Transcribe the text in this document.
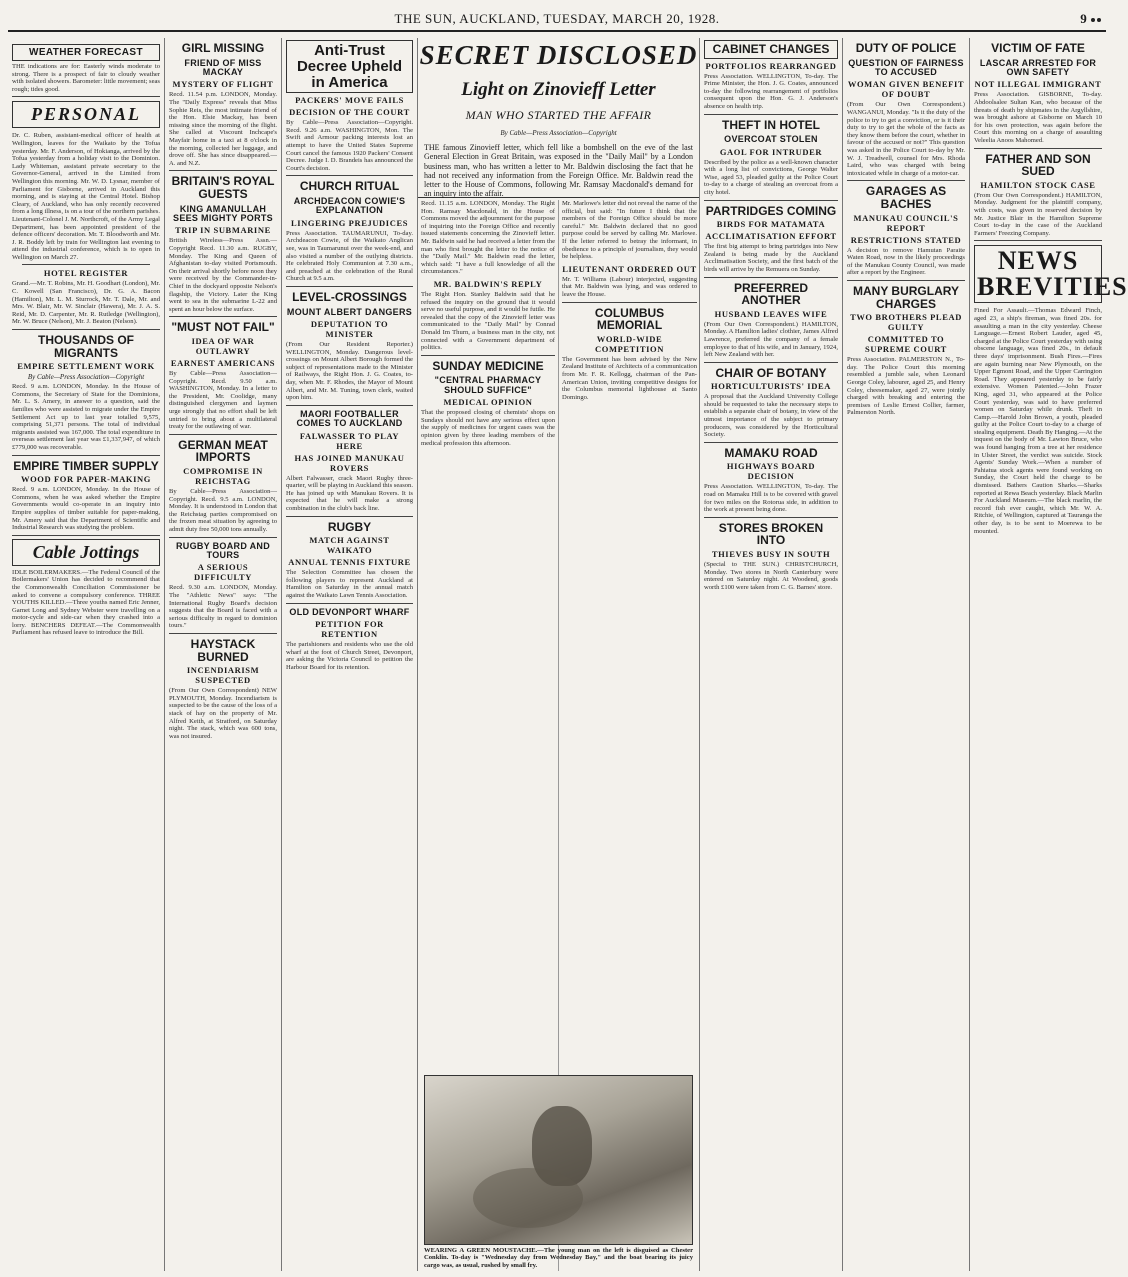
THE SUN, AUCKLAND, TUESDAY, MARCH 20, 1928.	9
WEATHER FORECAST
THE indications are for: Easterly winds moderate to strong. There is a prospect of fair to cloudy weather with isolated showers. Barometer: little movement; seas rough; tides good.
PERSONAL
Dr. C. Ruben, assistant-medical officer of health at Wellington, leaves for the Waikato by the Tofua yesterday. Mr. F. Anderson, of Hokianga, arrived by the Tofua yesterday from a holiday visit to the Dominion. Lady Whiteman, assistant private secretary to the Governor-General, arrived in the Limited from Wellington this morning. Mr. W. D. Lysnar, member of Parliament for Gisborne, arrived in Auckland this morning, and is staying at the Central Hotel. Bishop Cleary, of Auckland, who has only recently recovered from a long illness, is on a tour of the northern parishes. Lieutenant-Colonel J. M. Northcroft, of the Army Legal Department, has been appointed president of the defence officers' decoration. Mr. T. Bloodworth and Mr. J. R. Boddy left by train for Wellington last evening to attend the industrial conference, which is to open in Wellington on March 27.
HOTEL REGISTER
Grand.—Mr. T. Robins, Mr. H. Goodhart (London), Mr. C. Kowell (San Francisco), Dr. G. A. Bacon (Hamilton), Mr. L. M. Sturrock, Mr. T. Dale, Mr. and Mrs. W. Blair, Mr. W. Sinclair (Hawera), Mr. J. A. S. Reid, Mr. D. Carpenter, Mr. R. Rutledge (Wellington), Mr. W. Bruce (Nelson), Mr. J. Beaton (Nelson).
THOUSANDS OF MIGRANTS
EMPIRE SETTLEMENT WORK
By Cable—Press Association—Copyright
Recd. 9 a.m. LONDON, Monday. In the House of Commons, the Secretary of State for the Dominions, Mr. L. S. Amery, in answer to a question, said the families who were assisted to migrate under the Empire Settlement Act up to last year totalled 9,575, comprising 51,371 persons. The total of individual migrants assisted was 167,000. The total expenditure in overseas settlement last year was £1,337,947, of which £779,000 was recoverable.
EMPIRE TIMBER SUPPLY
WOOD FOR PAPER-MAKING
Recd. 9 a.m. LONDON, Monday. In the House of Commons, when he was asked whether the Empire Governments would co-operate in an inquiry into Empire supplies of timber suitable for paper-making, Mr. Amery said that the Department of Scientific and Industrial Research was studying the problem.
Cable Jottings
IDLE BOILERMAKERS.—The Federal Council of the Boilermakers' Union has decided to recommend that the Commonwealth Conciliation Commissioner be asked to convene a compulsory conference. THREE YOUTHS KILLED.—Three youths named Eric Jenner, Garnet Long and Sydney Webster were travelling on a motor-cycle and side-car when they crashed into a lorry. BENCHERS DEFEAT.—The Commonwealth Parliament has refused leave to introduce the Bill.
GIRL MISSING
FRIEND OF MISS MACKAY
MYSTERY OF FLIGHT
Recd. 11.54 p.m. LONDON, Monday. The "Daily Express" reveals that Miss Sophie Reis, the most intimate friend of the Hon. Elsie Mackay, has been missing since the morning of the flight. She called at Viscount Inchcape's Mayfair home in a taxi at 8 o'clock in the morning, collected her luggage, and drove off. She has since disappeared.—A. and N.Z.
BRITAIN'S ROYAL GUESTS
KING AMANULLAH SEES MIGHTY PORTS
TRIP IN SUBMARINE
British Wireless—Press Assn.—Copyright Recd. 11.30 a.m. RUGBY, Monday. The King and Queen of Afghanistan to-day visited Portsmouth. On their arrival shortly before noon they were received by the Commander-in-Chief in the dockyard opposite Nelson's flagship, the Victory. Later the King went to sea in the submarine L-22 and spent an hour below the surface.
"MUST NOT FAIL"
IDEA OF WAR OUTLAWRY
EARNEST AMERICANS
By Cable—Press Association—Copyright. Recd. 9.50 a.m. WASHINGTON, Monday. In a letter to the President, Mr. Coolidge, many distinguished clergymen and laymen urge strongly that no effort shall be left untried to bring about a multilateral treaty for the outlawing of war.
GERMAN MEAT IMPORTS
COMPROMISE IN REICHSTAG
By Cable—Press Association—Copyright. Recd. 9.5 a.m. LONDON, Monday. It is understood in London that the Reichstag parties compromised on the frozen meat situation by agreeing to admit duty free 50,000 tons annually.
RUGBY BOARD AND TOURS
A SERIOUS DIFFICULTY
Recd. 9.30 a.m. LONDON, Monday. The "Athletic News" says: "The International Rugby Board's decision suggests that the Board is faced with a serious difficulty in regard to dominion tours."
HAYSTACK BURNED
INCENDIARISM SUSPECTED
(From Our Own Correspondent) NEW PLYMOUTH, Monday. Incendiarism is suspected to be the cause of the loss of a stack of hay on the property of Mr. Alfred Keith, at Stratford, on Saturday night. The stack, which was 600 tons, was not insured.
Anti-Trust Decree Upheld in America
PACKERS' MOVE FAILS
DECISION OF THE COURT
By Cable—Press Association—Copyright. Recd. 9.26 a.m. WASHINGTON, Mon. The Swift and Armour packing interests lost an attempt to have the United States Supreme Court cancel the famous 1920 Packers' Consent Decree. Judge I. D. Brandeis has announced the Court's decision.
CHURCH RITUAL
ARCHDEACON COWIE'S EXPLANATION
LINGERING PREJUDICES
Press Association. TAUMARUNUI, To-day. Archdeacon Cowie, of the Waikato Anglican see, was in Taumarunui over the week-end, and also visited a number of the outlying districts. He celebrated Holy Communion at 7.30 a.m., and preached at the celebration of the Rural Church at 9.5 a.m.
LEVEL-CROSSINGS
MOUNT ALBERT DANGERS
DEPUTATION TO MINISTER
(From Our Resident Reporter.) WELLINGTON, Monday. Dangerous level-crossings on Mount Albert Borough formed the subject of representations made to the Minister of Railways, the Right Hon. J. G. Coates, to-day, when Mr. F. Rhodes, the Mayor of Mount Albert, and Mr. M. Tuning, town clerk, waited upon him.
MAORI FOOTBALLER COMES TO AUCKLAND
FALWASSER TO PLAY HERE
HAS JOINED MANUKAU ROVERS
Albert Falwasser, crack Maori Rugby three-quarter, will be playing in Auckland this season. He has joined up with Manukau Rovers. It is expected that he will make a strong combination in the club's back line.
RUGBY
MATCH AGAINST WAIKATO
ANNUAL TENNIS FIXTURE
The Selection Committee has chosen the following players to represent Auckland at Hamilton on Saturday in the annual match against the Waikato Lawn Tennis Association.
OLD DEVONPORT WHARF
PETITION FOR RETENTION
The parishioners and residents who use the old wharf at the foot of Church Street, Devonport, are asking the Victoria Council to petition the Harbour Board for its retention.
SECRET DISCLOSED
Light on Zinovieff Letter
MAN WHO STARTED THE AFFAIR
By Cable—Press Association—Copyright
THE famous Zinovieff letter, which fell like a bombshell on the eve of the last General Election in Great Britain, was exposed in the "Daily Mail" by a London business man, who has written a letter to Mr. Baldwin disclosing the fact that he had not received any information from the Foreign Office. Mr. Baldwin read the letter to the House of Commons, following Mr. Ramsay Macdonald's demand for an inquiry into the affair.
Recd. 11.15 a.m. LONDON, Monday. The Right Hon. Ramsay Macdonald, in the House of Commons moved the adjournment for the purpose of inquiring into the Foreign Office and recently issued statements concerning the Zinovieff letter. Mr. Baldwin said he had received a letter from the man who first brought the letter to the notice of the "Daily Mail." Mr. Baldwin read the letter, which said: "I have a full knowledge of all the circumstances."
MR. BALDWIN'S REPLY
The Right Hon. Stanley Baldwin said that he refused the inquiry on the ground that it would serve no useful purpose, and it would be futile. He revealed that the copy of the Zinovieff letter was communicated to the "Daily Mail" by Conrad Donald Im Thurn, a business man in the city, not connected with a Government department of politics.
SUNDAY MEDICINE
"CENTRAL PHARMACY SHOULD SUFFICE"
MEDICAL OPINION
That the proposed closing of chemists' shops on Sundays should not have any serious effect upon the supply of medicines for urgent cases was the opinion given by three leading members of the medical profession this afternoon.
Mr. Marlowe's letter did not reveal the name of the official, but said: "In future I think that the members of the Foreign Office should be more careful." Mr. Baldwin declared that no good purpose could be served by calling Mr. Marlowe. If the letter referred to betray the informant, in obedience to a principle of journalism, they would be helpless.
LIEUTENANT ORDERED OUT
Mr. T. Williams (Labour) interjected, suggesting that Mr. Baldwin was lying, and was ordered to leave the House.
COLUMBUS MEMORIAL
WORLD-WIDE COMPETITION
The Government has been advised by the New Zealand Institute of Architects of a communication from Mr. F. R. Kellogg, chairman of the Pan-American Union, inviting competitive designs for the Columbus memorial lighthouse at Santo Domingo.
WEARING A GREEN MOUSTACHE.—The young man on the left is disguised as Chester Conklin. To-day is "Wednesday day from Wednesday Bay," and the boat bearing its juicy cargo was, as usual, rushed by small fry.
CABINET CHANGES
PORTFOLIOS REARRANGED
Press Association. WELLINGTON, To-day. The Prime Minister, the Hon. J. G. Coates, announced to-day the following rearrangement of portfolios consequent upon the Hon. G. J. Anderson's absence on health trip.
THEFT IN HOTEL
OVERCOAT STOLEN
GAOL FOR INTRUDER
Described by the police as a well-known character with a long list of convictions, George Walter Wise, aged 53, pleaded guilty at the Police Court to-day to a charge of stealing an overcoat from a city hotel.
PARTRIDGES COMING
BIRDS FOR MATAMATA
ACCLIMATISATION EFFORT
The first big attempt to bring partridges into New Zealand is being made by the Auckland Acclimatisation Society, and the first batch of the birds will arrive by the Remuera on Sunday.
PREFERRED ANOTHER
HUSBAND LEAVES WIFE
(From Our Own Correspondent.) HAMILTON, Monday. A Hamilton ladies' clothier, James Alfred Lawrence, preferred the company of a female employee to that of his wife, and in January, 1924, left New Zealand with her.
CHAIR OF BOTANY
HORTICULTURISTS' IDEA
A proposal that the Auckland University College should be requested to take the necessary steps to establish a separate chair of botany, in view of the utmost importance of the subject to primary producers, was considered by the Horticultural Society.
MAMAKU ROAD
HIGHWAYS BOARD DECISION
Press Association. WELLINGTON, To-day. The road on Mamaku Hill is to be covered with gravel for two miles on the Rotorua side, in addition to the work at present being done.
STORES BROKEN INTO
THIEVES BUSY IN SOUTH
(Special to THE SUN.) CHRISTCHURCH, Monday. Two stores in North Canterbury were entered on Saturday night. At Woodend, goods worth £100 were taken from C. G. Barnes' store.
DUTY OF POLICE
QUESTION OF FAIRNESS TO ACCUSED
WOMAN GIVEN BENEFIT OF DOUBT
(From Our Own Correspondent.) WANGANUI, Monday. "Is it the duty of the police to try to get a conviction, or is it their duty to try to get the whole of the facts as they know them before the court, whether in favour of the accused or not?" This question was asked in the Police Court to-day by Mr. W. J. Treadwell, counsel for Mrs. Rhoda Laird, who was charged with being intoxicated while in charge of a motor-car.
GARAGES AS BACHES
MANUKAU COUNCIL'S REPORT
RESTRICTIONS STATED
A decision to remove Hamutan Paraite Waten Road, now in the likely proceedings of the Manukau County Council, was made after a report by the Engineer.
MANY BURGLARY CHARGES
TWO BROTHERS PLEAD GUILTY
COMMITTED TO SUPREME COURT
Press Association. PALMERSTON N., To-day. The Police Court this morning resembled a jumble sale, when Leonard George Coley, labourer, aged 25, and Henry Coley, cheesemaker, aged 27, were jointly charged with breaking and entering the premises of Leslie Ernest Collier, farmer, Palmerston North.
VICTIM OF FATE
LASCAR ARRESTED FOR OWN SAFETY
NOT ILLEGAL IMMIGRANT
Press Association. GISBORNE, To-day. Abdoolsalee Sultan Kan, who because of the threats of death by shipmates in the Argyllshire, was brought ashore at Gisborne on March 10 for his own protection, was again before the Court this morning on a charge of assaulting Veleelia Anoos Mahomed.
FATHER AND SON SUED
HAMILTON STOCK CASE
(From Our Own Correspondent.) HAMILTON, Monday. Judgment for the plaintiff company, with costs, was given in reserved decision by Mr. Justice Blair in the Hamilton Supreme Court to-day in the case of the Auckland Farmers' Freezing Company.
NEWS BREVITIES
Fined For Assault.—Thomas Edward Finch, aged 23, a ship's fireman, was fined 20s. for assaulting a man in the city yesterday. Cheese Language.—Ernest Robert Lauder, aged 45, charged at the Police Court yesterday with using obscene language, was fined 20s., in default three days' imprisonment. Bush Fires.—Fires are again burning near New Plymouth, on the Upper Egmont Road, and the Upper Carrington Road. They appeared yesterday to be fairly extensive. Women Patented.—John Frazer King, aged 31, who appeared at the Police Court yesterday, was said to have preferred women on Saturday while drunk. Theft in Camp.—Harold John Brown, a youth, pleaded guilty at the Police Court to-day to a charge of stealing equipment. Death By Hanging.—At the inquest on the body of Mr. Lawton Bruce, who was found hanging from a tree at her residence in Ulster Street, the verdict was suicide. Stock Agents' Sunday Work.—When a number of Pahiatua stock agents were found working on Sunday, the Court held the charge to be dismissed. Bathers Caution Sharks.—Sharks reported at Rewa Beach yesterday. Black Marlin For Auckland Museum.—The black marlin, the record fish ever caught, which Mr. W. A. Ritchie, of Wellington, captured at Tauranga the other day, is to be sent to Moerewa to be mounted.
